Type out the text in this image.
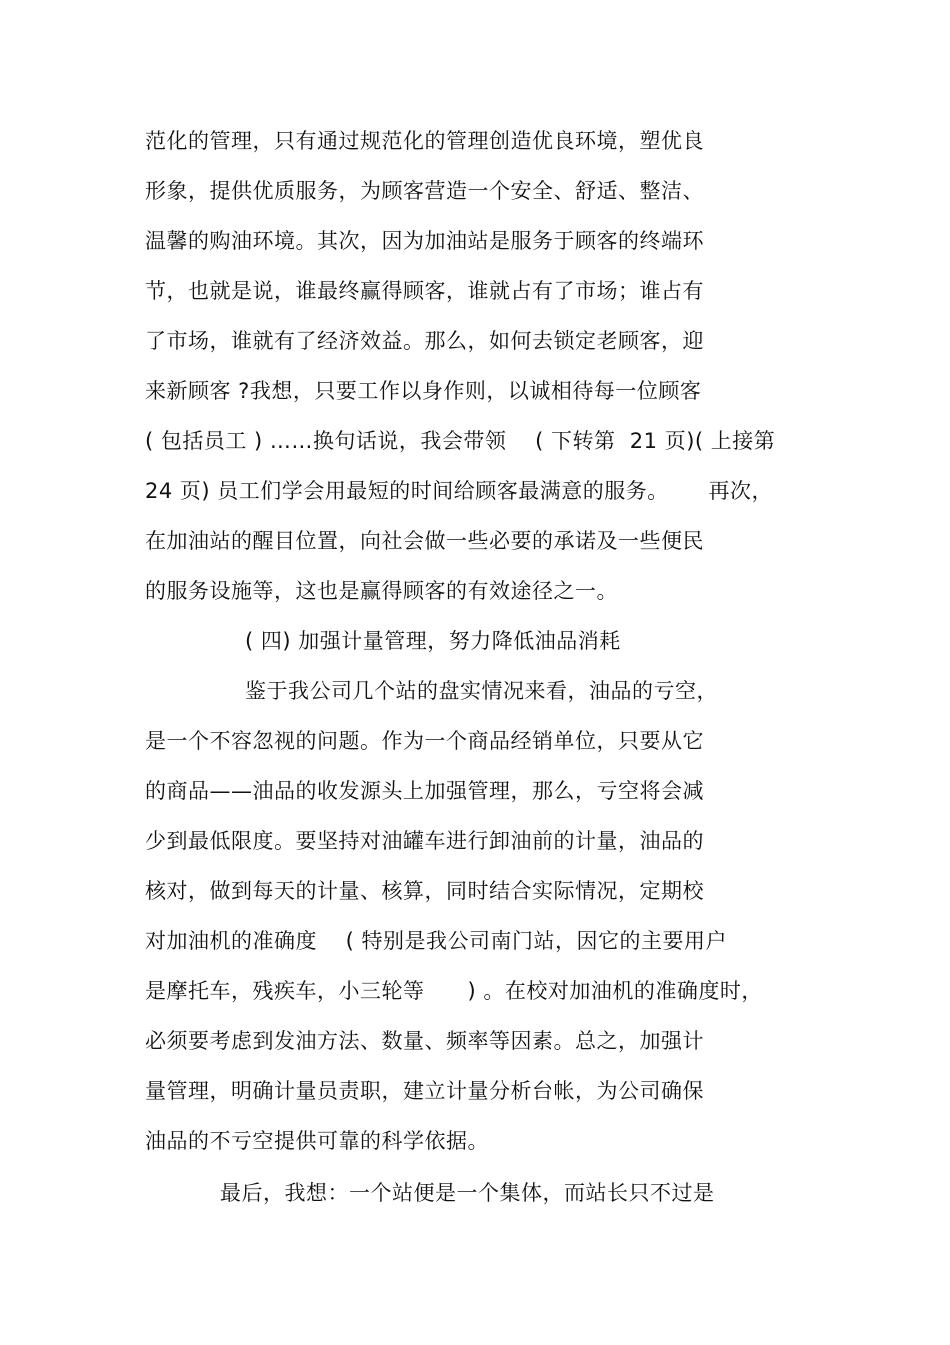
范化的管理，只有通过规范化的管理创造优良环境，塑优良
形象，提供优质服务，为顾客营造一个安全、舒适、整洁、
温馨的购油环境。其次，因为加油站是服务于顾客的终端环
节，也就是说，谁最终赢得顾客，谁就占有了市场；谁占有
了市场，谁就有了经济效益。那么，如何去锁定老顾客，迎
来新顾客 ?我想，只要工作以身作则，以诚相待每一位顾客
( 包括员工 ) ……换句话说，我会带领　 ( 下转第  21 页)( 上接第
24 页) 员工们学会用最短的时间给顾客最满意的服务。　　 再次，
在加油站的醒目位置，向社会做一些必要的承诺及一些便民
的服务设施等，这也是赢得顾客的有效途径之一。
( 四) 加强计量管理，努力降低油品消耗
鉴于我公司几个站的盘实情况来看，油品的亏空，
是一个不容忽视的问题。作为一个商品经销单位，只要从它
的商品——油品的收发源头上加强管理，那么，亏空将会减
少到最低限度。要坚持对油罐车进行卸油前的计量，油品的
核对，做到每天的计量、核算，同时结合实际情况，定期校
对加油机的准确度　 ( 特别是我公司南门站，因它的主要用户
是摩托车，残疾车，小三轮等　　) 。在校对加油机的准确度时，
必须要考虑到发油方法、数量、频率等因素。总之，加强计
量管理，明确计量员责职，建立计量分析台帐，为公司确保
油品的不亏空提供可靠的科学依据。
最后，我想：一个站便是一个集体，而站长只不过是
